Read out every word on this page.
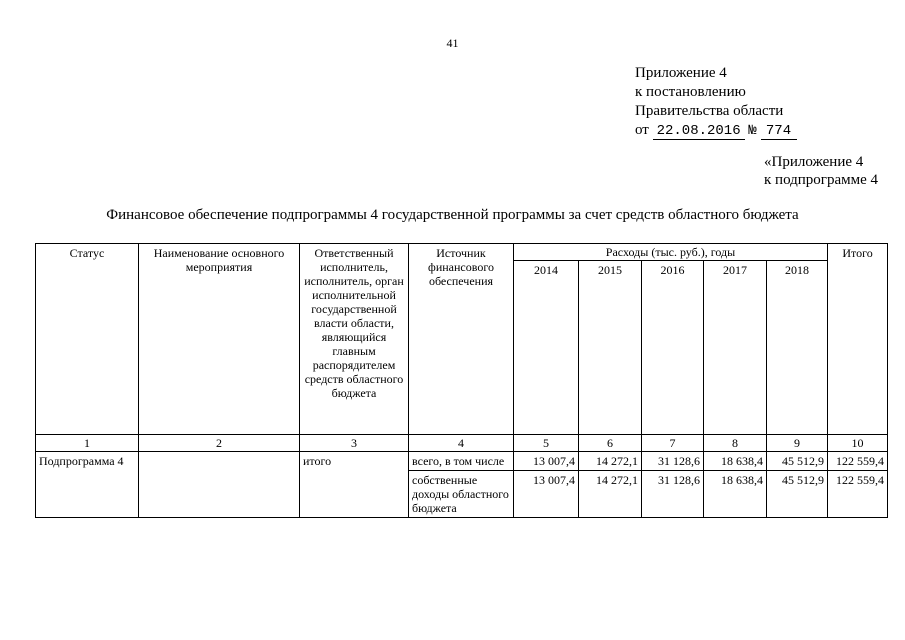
41
Приложение 4
к постановлению
Правительства области
от 22.08.2016 № 774
«Приложение 4
к подпрограмме 4
Финансовое обеспечение подпрограммы 4 государственной программы за счет средств областного бюджета
Статус	Наименование основного мероприятия	Ответственный исполнитель, исполнитель, орган исполнительной государственной власти области, являющийся главным распорядителем средств областного бюджета	Источник финансового обеспечения	Расходы (тыс. руб.), годы					Итого
				2014	2015	2016	2017	2018	
1	2	3	4	5	6	7	8	9	10
Подпрограмма 4		итого	всего, в том числе	13 007,4	14 272,1	31 128,6	18 638,4	45 512,9	122 559,4
			собственные доходы областного бюджета	13 007,4	14 272,1	31 128,6	18 638,4	45 512,9	122 559,4
